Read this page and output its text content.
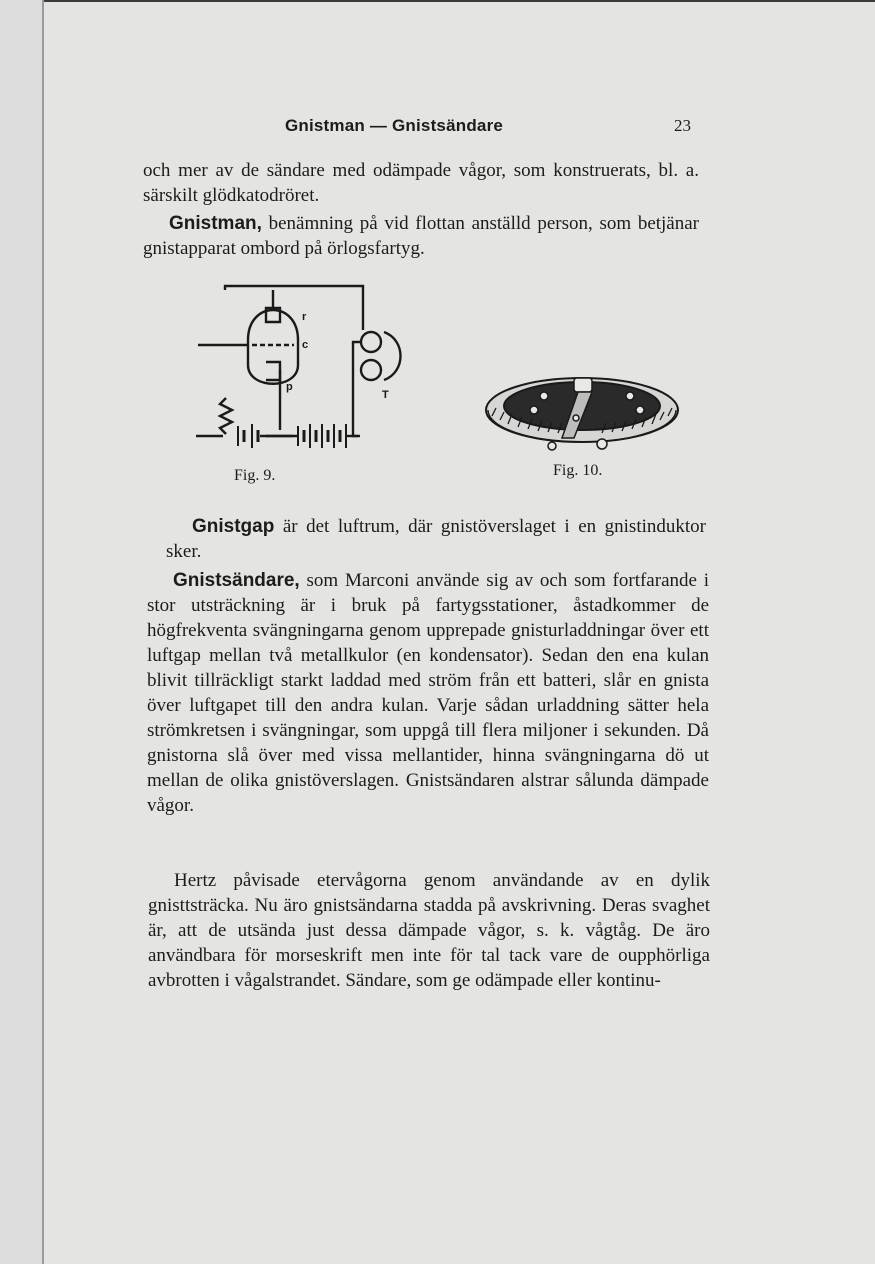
Gnistman — Gnistsändare	23

och mer av de sändare med odämpade vågor, som konstruerats, bl. a. särskilt glödkatodröret.

Gnistman, benämning på vid flottan anställd person, som betjänar gnistapparat ombord på örlogsfartyg.

r
c
p
T
Fig. 9.	Fig. 10.

Gnistgap är det luftrum, där gnistöverslaget i en gnistinduktor sker.

Gnistsändare, som Marconi använde sig av och som fortfarande i stor utsträckning är i bruk på fartygsstationer, åstadkommer de högfrekventa svängningarna genom upprepade gnisturladdningar över ett luftgap mellan två metallkulor (en kondensator). Sedan den ena kulan blivit tillräckligt starkt laddad med ström från ett batteri, slår en gnista över luftgapet till den andra kulan. Varje sådan urladdning sätter hela strömkretsen i svängningar, som uppgå till flera miljoner i sekunden. Då gnistorna slå över med vissa mellantider, hinna svängningarna dö ut mellan de olika gnistöverslagen. Gnistsändaren alstrar sålunda dämpade vågor.

Hertz påvisade etervågorna genom användande av en dylik gnisttsträcka. Nu äro gnistsändarna stadda på avskrivning. Deras svaghet är, att de utsända just dessa dämpade vågor, s. k. vågtåg. De äro användbara för morseskrift men inte för tal tack vare de oupphörliga avbrotten i vågalstrandet. Sändare, som ge odämpade eller kontinu-
